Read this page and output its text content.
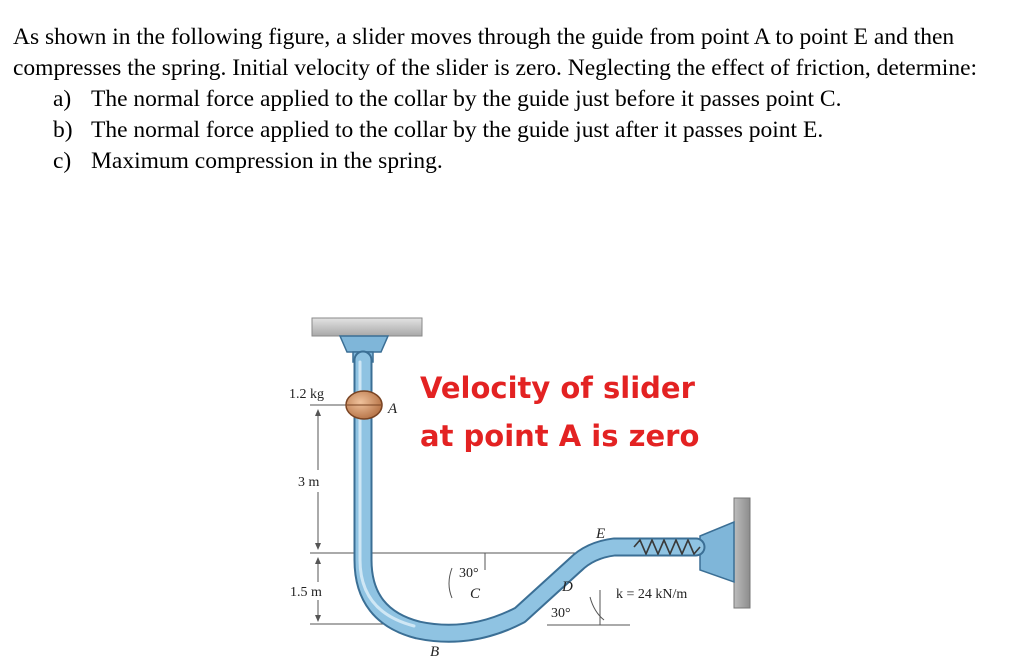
As shown in the following figure, a slider moves through the guide from point A to point E and then compresses the spring. Initial velocity of the slider is zero. Neglecting the effect of friction, determine:

a) The normal force applied to the collar by the guide just before it passes point C.
b) The normal force applied to the collar by the guide just after it passes point E.
c) Maximum compression in the spring.
1.2 kg
A
3 m
1.5 m
B
30°
C	D
30°
E
k = 24 kN/m
Velocity of slider
at point A is zero
